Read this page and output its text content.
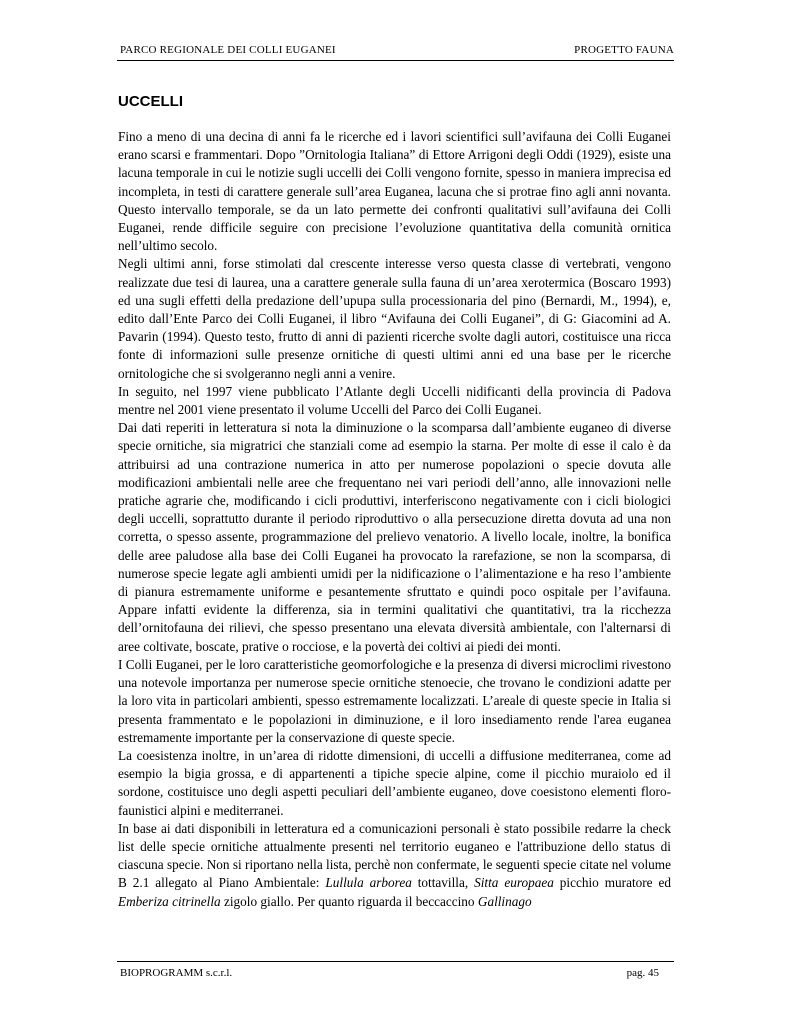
PARCO REGIONALE DEI COLLI EUGANEI	PROGETTO FAUNA
UCCELLI

Fino a meno di una decina di anni fa le ricerche ed i lavori scientifici sull’avifauna dei Colli Euganei erano scarsi e frammentari. Dopo ”Ornitologia Italiana” di Ettore Arrigoni degli Oddi (1929), esiste una lacuna temporale in cui le notizie sugli uccelli dei Colli vengono fornite, spesso in maniera imprecisa ed incompleta, in testi di carattere generale sull’area Euganea, lacuna che si protrae fino agli anni novanta. Questo intervallo temporale, se da un lato permette dei confronti qualitativi sull’avifauna dei Colli Euganei, rende difficile seguire con precisione l’evoluzione quantitativa della comunità ornitica nell’ultimo secolo.

Negli ultimi anni, forse stimolati dal crescente interesse verso questa classe di vertebrati, vengono realizzate due tesi di laurea, una a carattere generale sulla fauna di un’area xerotermica (Boscaro 1993) ed una sugli effetti della predazione dell’upupa sulla processionaria del pino (Bernardi, M., 1994), e, edito dall’Ente Parco dei Colli Euganei, il libro “Avifauna dei Colli Euganei”, di G: Giacomini ad A. Pavarin (1994). Questo testo, frutto di anni di pazienti ricerche svolte dagli autori, costituisce una ricca fonte di informazioni sulle presenze ornitiche di questi ultimi anni ed una base per le ricerche ornitologiche che si svolgeranno negli anni a venire.

In seguito, nel 1997 viene pubblicato l’Atlante degli Uccelli nidificanti della provincia di Padova mentre nel 2001 viene presentato il volume Uccelli del Parco dei Colli Euganei.

Dai dati reperiti in letteratura si nota la diminuzione o la scomparsa dall’ambiente euganeo di diverse specie ornitiche, sia migratrici che stanziali come ad esempio la starna. Per molte di esse il calo è da attribuirsi ad una contrazione numerica in atto per numerose popolazioni o specie dovuta alle modificazioni ambientali nelle aree che frequentano nei vari periodi dell’anno, alle innovazioni nelle pratiche agrarie che, modificando i cicli produttivi, interferiscono negativamente con i cicli biologici degli uccelli, soprattutto durante il periodo riproduttivo o alla persecuzione diretta dovuta ad una non corretta, o spesso assente, programmazione del prelievo venatorio. A livello locale, inoltre, la bonifica delle aree paludose alla base dei Colli Euganei ha provocato la rarefazione, se non la scomparsa, di numerose specie legate agli ambienti umidi per la nidificazione o l’alimentazione e ha reso l’ambiente di pianura estremamente uniforme e pesantemente sfruttato e quindi poco ospitale per l’avifauna. Appare infatti evidente la differenza, sia in termini qualitativi che quantitativi, tra la ricchezza dell’ornitofauna dei rilievi, che spesso presentano una elevata diversità ambientale, con l'alternarsi di aree coltivate, boscate, prative o rocciose, e la povertà dei coltivi ai piedi dei monti.

I Colli Euganei, per le loro caratteristiche geomorfologiche e la presenza di diversi microclimi rivestono una notevole importanza per numerose specie ornitiche stenoecie, che trovano le condizioni adatte per la loro vita in particolari ambienti, spesso estremamente localizzati. L’areale di queste specie in Italia si presenta frammentato e le popolazioni in diminuzione, e il loro insediamento rende l'area euganea estremamente importante per la conservazione di queste specie.

La coesistenza inoltre, in un’area di ridotte dimensioni, di uccelli a diffusione mediterranea, come ad esempio la bigia grossa, e di appartenenti a tipiche specie alpine, come il picchio muraiolo ed il sordone, costituisce uno degli aspetti peculiari dell’ambiente euganeo, dove coesistono elementi floro-faunistici alpini e mediterranei.

In base ai dati disponibili in letteratura ed a comunicazioni personali è stato possibile redarre la check list delle specie ornitiche attualmente presenti nel territorio euganeo e l'attribuzione dello status di ciascuna specie. Non si riportano nella lista, perchè non confermate, le seguenti specie citate nel volume B 2.1 allegato al Piano Ambientale: Lullula arborea tottavilla, Sitta europaea picchio muratore ed Emberiza citrinella zigolo giallo. Per quanto riguarda il beccaccino Gallinago

BIOPROGRAMM s.c.r.l.	pag. 45
